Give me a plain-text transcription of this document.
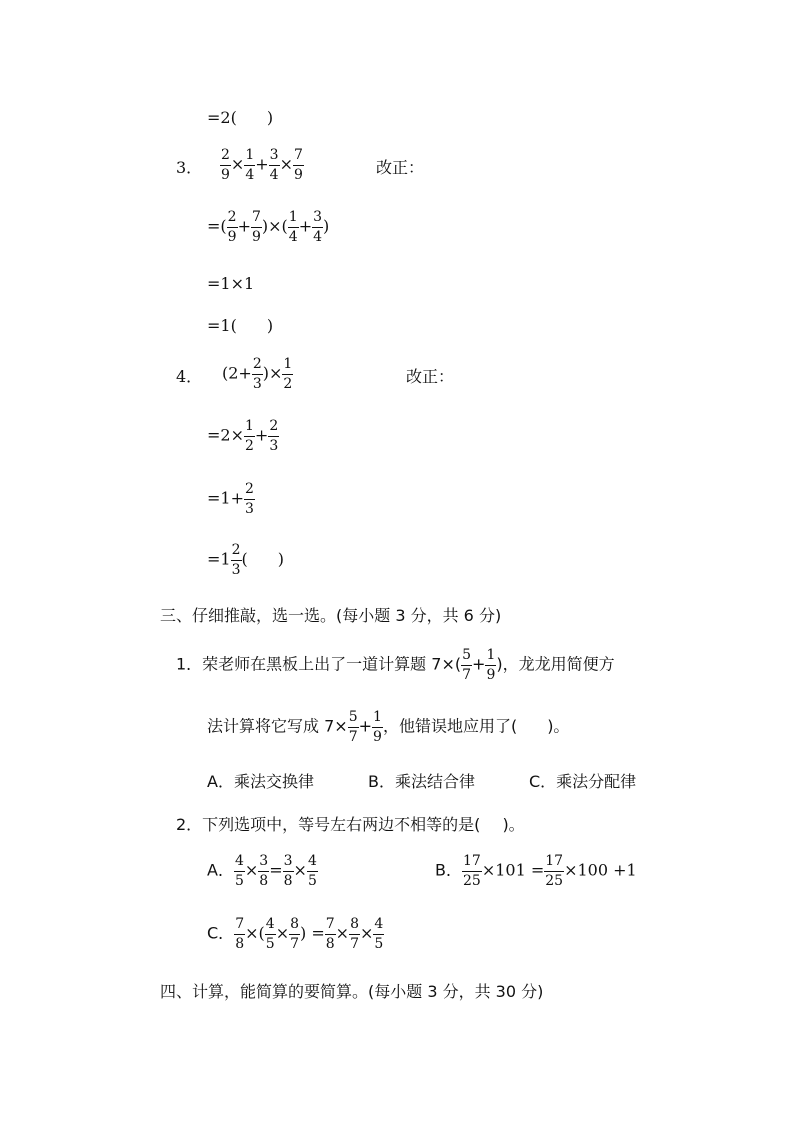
=2( )
3． $\frac{2}{9} \times \frac{1}{4} + \frac{3}{4} \times \frac{7}{9}$	改正：
=( $\frac{2}{9} + \frac{7}{9}$ )×( $\frac{1}{4} + \frac{3}{4}$ )
=1×1
=1( )
4． ($2+ \frac{2}{3}$ )× $\frac{1}{2}$	改正：
$=2\times \frac{1}{2} + \frac{2}{3}$
$=1+ \frac{2}{3}$
$=1 \frac{2}{3}$ ( )
三、仔细推敲，选一选。(每小题 3 分，共 6 分)
1．荣老师在黑板上出了一道计算题 $7\times( \frac{5}{7} + \frac{1}{9}$ )，龙龙用简便方
法计算将它写成 $7\times \frac{5}{7} + \frac{1}{9}$ ，他错误地应用了( )。
A．乘法交换律	B．乘法结合律	C．乘法分配律
2．下列选项中，等号左右两边不相等的是( )。
A． $\frac{4}{5} \times \frac{3}{8} = \frac{3}{8} \times \frac{4}{5}$	B． $\frac{17}{25} \times 101 = \frac{17}{25} \times 100 +1$
C． $\frac{7}{8}$ ×( $\frac{4}{5} \times \frac{8}{7}$ ) = $\frac{7}{8} \times \frac{8}{7} \times \frac{4}{5}$
四、计算，能简算的要简算。(每小题 3 分，共 30 分)
